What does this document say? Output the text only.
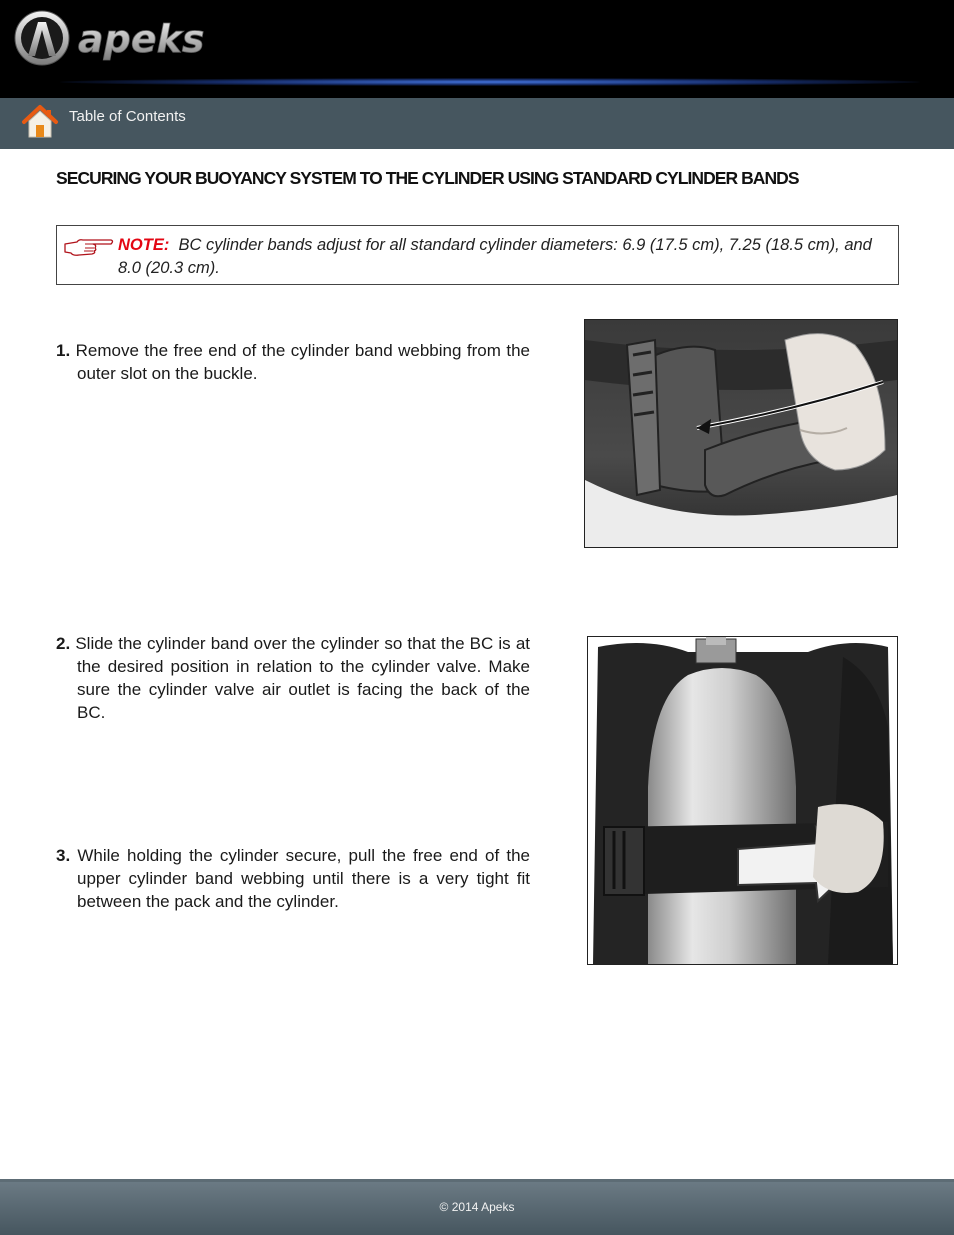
apeks
Table of Contents
SECURING YOUR BUOYANCY SYSTEM TO THE CYLINDER USING STANDARD CYLINDER BANDS
NOTE: BC cylinder bands adjust for all standard cylinder diameters: 6.9 (17.5 cm), 7.25 (18.5 cm), and 8.0 (20.3 cm).
1. Remove the free end of the cylinder band webbing from the outer slot on the buckle.
2. Slide the cylinder band over the cylinder so that the BC is at the desired position in relation to the cylinder valve. Make sure the cylinder valve air outlet is facing the back of the BC.
3. While holding the cylinder secure, pull the free end of the upper cylinder band webbing until there is a very tight fit between the pack and the cylinder.
© 2014 Apeks
